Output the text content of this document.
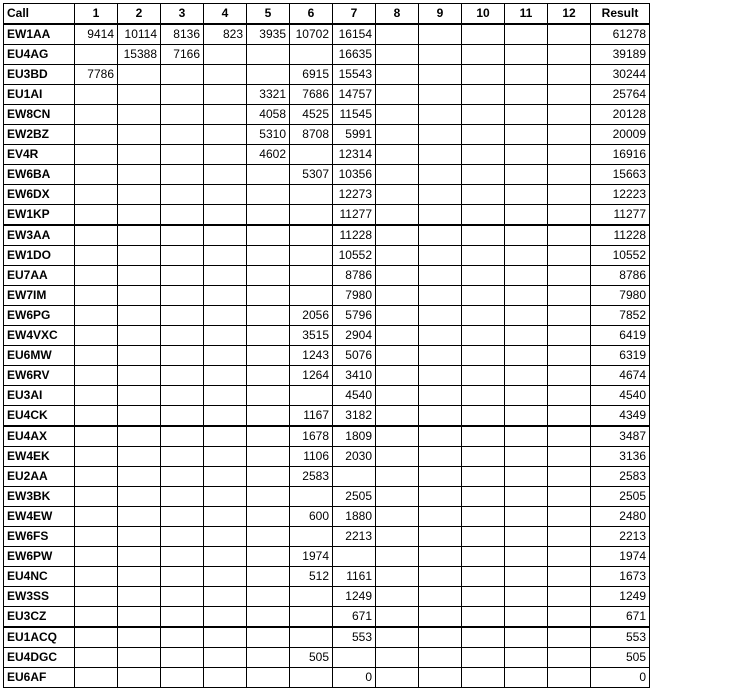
Call	1	2	3	4	5	6	7	8	9	10	11	12	Result
EW1AA	9414	10114	8136	823	3935	10702	16154						61278
EU4AG		15388	7166				16635						39189
EU3BD	7786					6915	15543						30244
EU1AI					3321	7686	14757						25764
EW8CN					4058	4525	11545						20128
EW2BZ					5310	8708	5991						20009
EV4R					4602		12314						16916
EW6BA						5307	10356						15663
EW6DX							12273						12223
EW1KP							11277						11277
EW3AA							11228						11228
EW1DO							10552						10552
EU7AA							8786						8786
EW7IM							7980						7980
EW6PG						2056	5796						7852
EW4VXC						3515	2904						6419
EU6MW						1243	5076						6319
EW6RV						1264	3410						4674
EU3AI							4540						4540
EU4CK						1167	3182						4349
EU4AX						1678	1809						3487
EW4EK						1106	2030						3136
EU2AA						2583							2583
EW3BK							2505						2505
EW4EW						600	1880						2480
EW6FS							2213						2213
EW6PW						1974							1974
EU4NC						512	1161						1673
EW3SS							1249						1249
EU3CZ							671						671
EU1ACQ							553						553
EU4DGC						505							505
EU6AF							0						0
